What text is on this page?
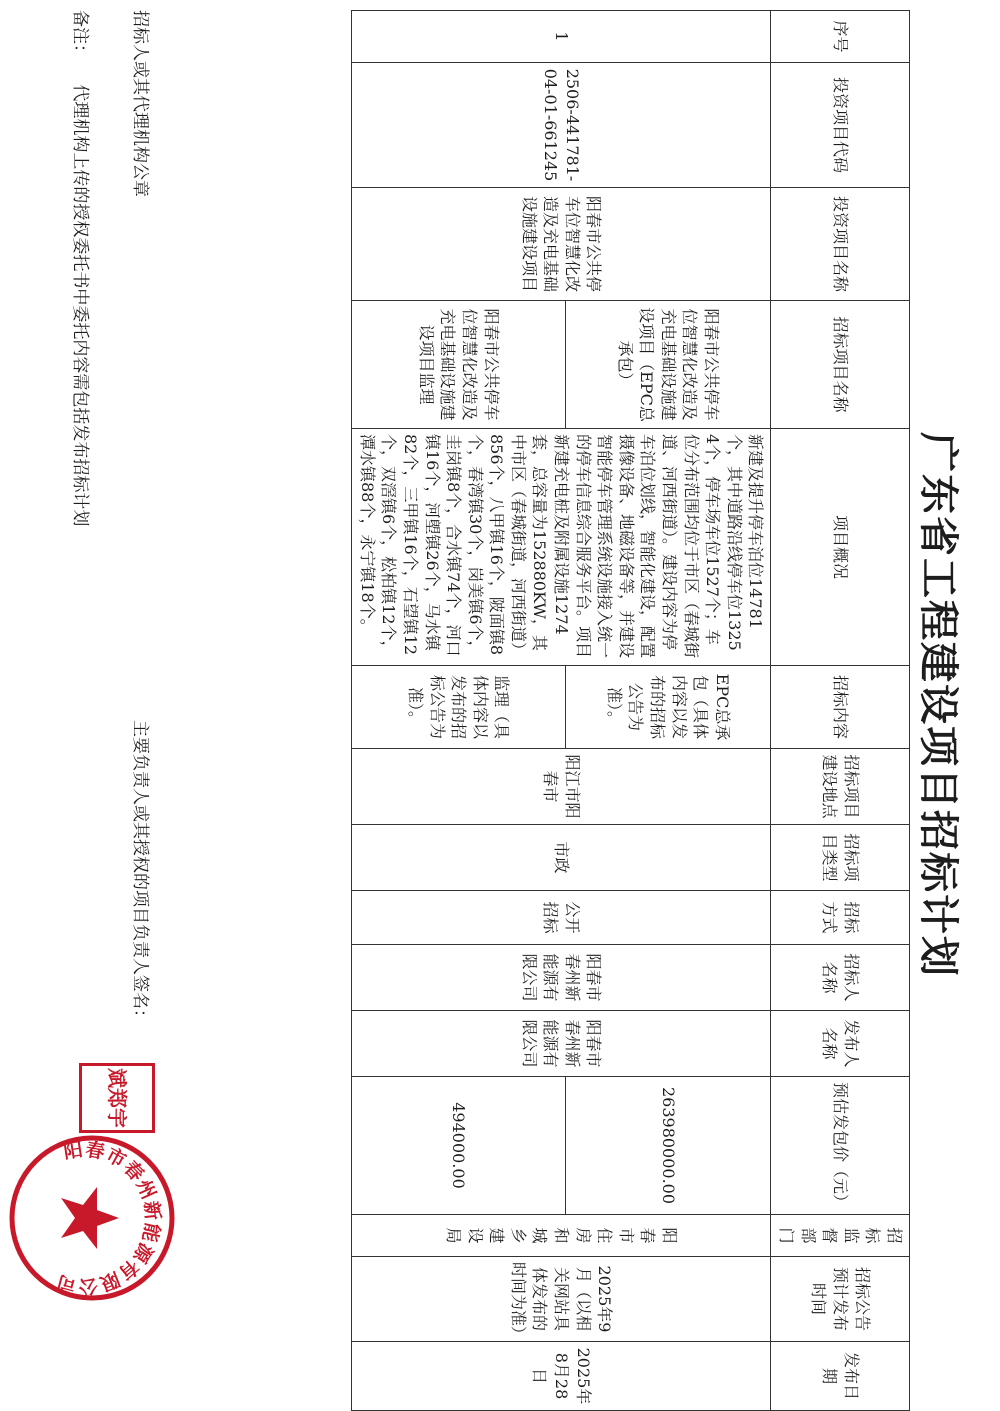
广东省工程建设项目招标计划
序号	投资项目代码	投资项目名称	招标项目名称	项目概况	招标内容	招标项目建设地点	招标项目类型	招标方式	招标人名称	发布人名称	预估发包价（元）	招标监督部门	招标公告预计发布时间	发布日期
1	2506-441781-04-01-661245	阳春市公共停车位智慧化改造及充电基础设施建设项目	阳春市公共停车位智慧化改造及充电基础设施建设项目（EPC总承包）	新建及提升停车泊位14781个，其中道路沿线停车位13254个，停车场车位1527个；车位分布范围均位于市区（春城街道、河西街道）。建设内容为停车泊位划线，智能化建设，配置摄像设备、地磁设备等，并建设智能停车管理系统设施接入统一的停车信息综合服务平台。项目新建充电桩及附属设施1274套，总容量为152880KW，其中市区（春城街道，河西街道）856个，八甲镇16个，陂面镇8个，春湾镇30个，岗美镇6个，圭岗镇8个，合水镇74个，河口镇16个，河塱镇26个，马水镇82个，三甲镇16个，石望镇12个，双滘镇6个，松柏镇12个，潭水镇88个，永宁镇18个。	EPC总承包（具体内容以发布的招标公告为准）。	阳江市阳春市	市政	公开招标	阳春市春州新能源有限公司	阳春市春州新能源有限公司	263980000.00	阳春市住房和城乡建设局	2025年9月（以相关网站具体发布的时间为准）	2025年8月28日
			阳春市公共停车位智慧化改造及充电基础设施建设项目监理		监理（具体内容以发布的招标公告为准）。						494000.00			
招标人或其代理机构公章
主要负责人或其授权的项目负责人签名：
备注： 代理机构上传的授权委托书中委托内容需包括发布招标计划
斌郑宇
阳春市春州新能源有限公司
